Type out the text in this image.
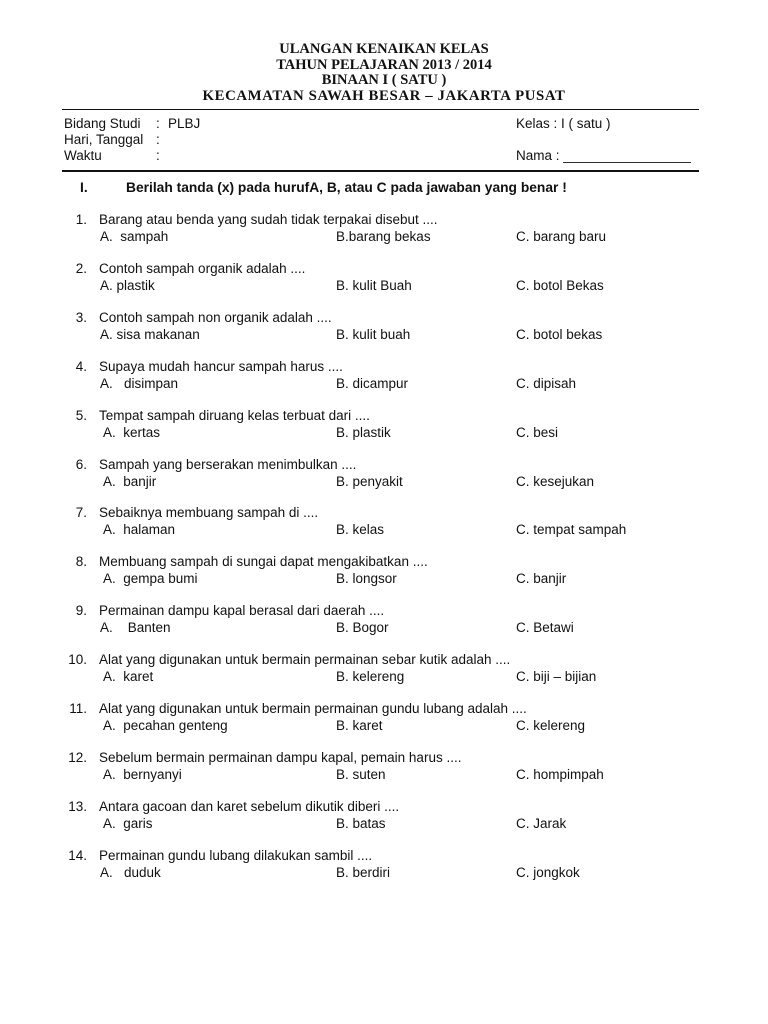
ULANGAN KENAIKAN KELAS
TAHUN PELAJARAN 2013 / 2014
BINAAN I ( SATU )
KECAMATAN SAWAH BESAR – JAKARTA PUSAT
Bidang Studi : PLBJ
Hari, Tanggal :
Waktu	:
Kelas : I ( satu )
Nama : _________________
I.	Berilah tanda (x) pada hurufA, B, atau C pada jawaban yang benar !
1. Barang atau benda yang sudah tidak terpakai disebut ....
A.  sampah	B.barang bekas	C. barang baru
2. Contoh sampah organik adalah ....
A. plastik	B. kulit Buah	C. botol Bekas
3. Contoh sampah non organik adalah ....
A. sisa makanan	B. kulit buah	C. botol bekas
4. Supaya mudah hancur sampah harus ....
A.   disimpan	B. dicampur	C. dipisah
5. Tempat sampah diruang kelas terbuat dari ....
A.  kertas	B. plastik	C. besi
6. Sampah yang berserakan menimbulkan ....
A.  banjir	B. penyakit	C. kesejukan
7. Sebaiknya membuang sampah di ....
A.  halaman	B. kelas	C. tempat sampah
8. Membuang sampah di sungai dapat mengakibatkan ....
A.  gempa bumi	B. longsor	C. banjir
9. Permainan dampu kapal berasal dari daerah ....
A.    Banten	B. Bogor	C. Betawi
10. Alat yang digunakan untuk bermain permainan sebar kutik adalah ....
A.  karet	B. kelereng	C. biji – bijian
11. Alat yang digunakan untuk bermain permainan gundu lubang adalah ....
A.  pecahan genteng	B. karet	C. kelereng
12. Sebelum bermain permainan dampu kapal, pemain harus ....
A.  bernyanyi	B. suten	C. hompimpah
13. Antara gacoan dan karet sebelum dikutik diberi ....
A.  garis	B. batas	C. Jarak
14. Permainan gundu lubang dilakukan sambil ....
A.   duduk	B. berdiri	C. jongkok
